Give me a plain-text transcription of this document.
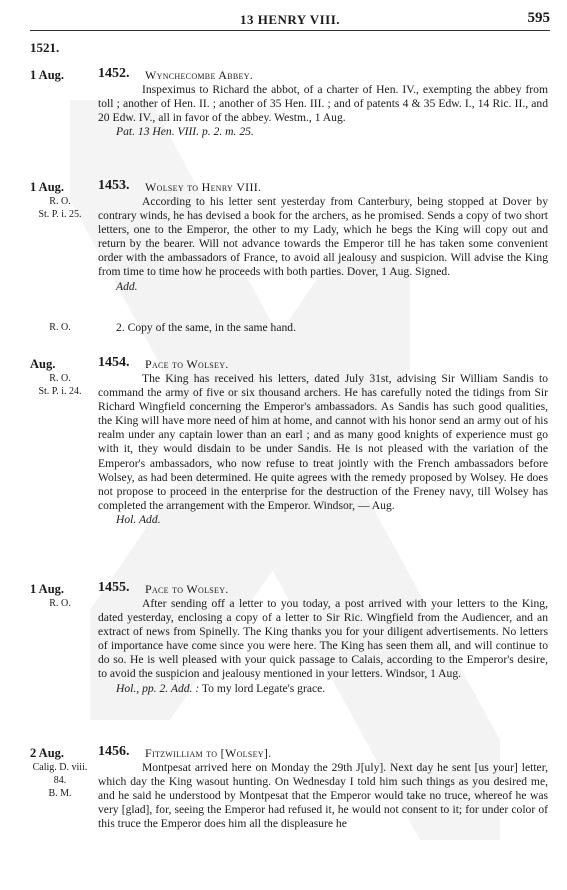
13 HENRY VIII.	595
1521.
1 Aug.	1452. Wynchecombe Abbey.

Inspeximus to Richard the abbot, of a charter of Hen. IV., exempting the abbey from toll ; another of Hen. II. ; another of 35 Hen. III. ; and of patents 4 & 35 Edw. I., 14 Ric. II., and 20 Edw. IV., all in favor of the abbey. Westm., 1 Aug.

Pat. 13 Hen. VIII. p. 2. m. 25.

1 Aug.	1453. Wolsey to Henry VIII.
R. O.
St. P. i. 25.

According to his letter sent yesterday from Canterbury, being stopped at Dover by contrary winds, he has devised a book for the archers, as he promised. Sends a copy of two short letters, one to the Emperor, the other to my Lady, which he begs the King will copy out and return by the bearer. Will not advance towards the Emperor till he has taken some convenient order with the ambassadors of France, to avoid all jealousy and suspicion. Will advise the King from time to time how he proceeds with both parties. Dover, 1 Aug. Signed.

Add.

R. O.	2. Copy of the same, in the same hand.
Aug.	1454. Pace to Wolsey.
R. O.
St. P. i. 24.

The King has received his letters, dated July 31st, advising Sir William Sandis to command the army of five or six thousand archers. He has carefully noted the tidings from Sir Richard Wingfield concerning the Emperor's ambassadors. As Sandis has such good qualities, the King will have more need of him at home, and cannot with his honor send an army out of his realm under any captain lower than an earl ; and as many good knights of experience must go with it, they would disdain to be under Sandis. He is not pleased with the variation of the Emperor's ambassadors, who now refuse to treat jointly with the French ambassadors before Wolsey, as had been determined. He quite agrees with the remedy proposed by Wolsey. He does not propose to proceed in the enterprise for the destruction of the Freney navy, till Wolsey has completed the arrangement with the Emperor. Windsor, — Aug.

Hol. Add.

1 Aug.	1455. Pace to Wolsey.
R. O.	After sending off a letter to you today, a post arrived with your letters to the King, dated yesterday, enclosing a copy of a letter to Sir Ric. Wingfield from the Audiencer, and an extract of news from Spinelly. The King thanks you for your diligent advertisements. No letters of importance have come since you were here. The King has seen them all, and will continue to do so. He is well pleased with your quick passage to Calais, according to the Emperor's desire, to avoid the suspicion and jealousy mentioned in your letters. Windsor, 1 Aug.

Hol., pp. 2. Add. : To my lord Legate's grace.

2 Aug.	1456. Fitzwilliam to [Wolsey].
Calig. D. viii.
84.
B. M.

Montpesat arrived here on Monday the 29th J[uly]. Next day he sent [us your] letter, which day the King wasout hunting. On Wednesday I told him such things as you desired me, and he said he understood by Montpesat that the Emperor would take no truce, whereof he was very [glad], for, seeing the Emperor had refused it, he would not consent to it; for under color of this truce the Emperor does him all the displeasure he
